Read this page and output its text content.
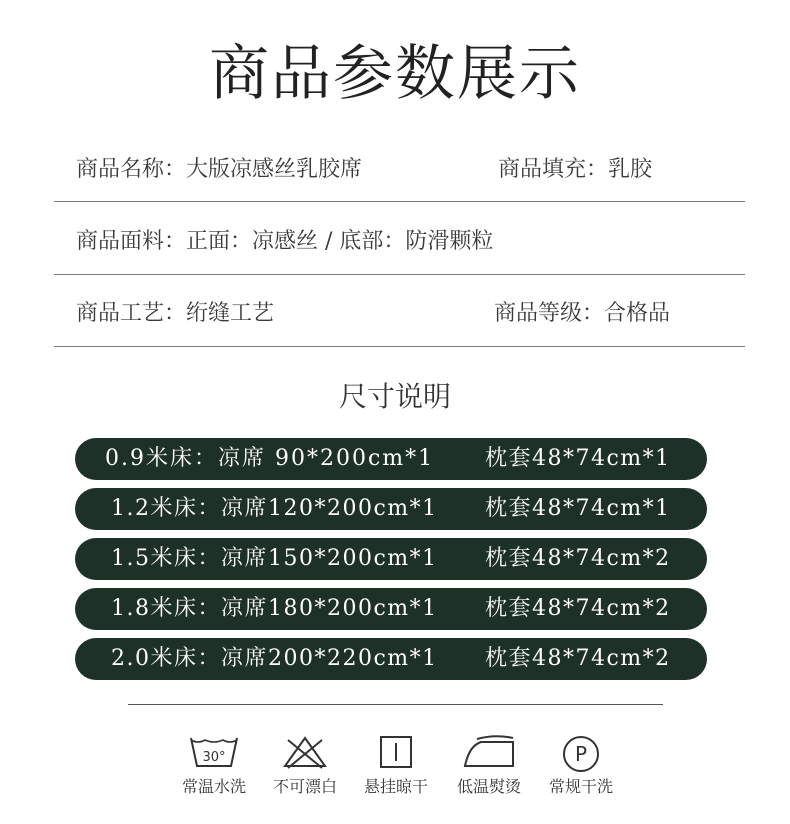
商品参数展示
商品名称：大版凉感丝乳胶席	商品填充：乳胶
商品面料：正面：凉感丝 / 底部：防滑颗粒
商品工艺：绗缝工艺	商品等级：合格品
尺寸说明
0.9米床：凉席 90*200cm*1 枕套48*74cm*1
1.2米床：凉席120*200cm*1 枕套48*74cm*1
1.5米床：凉席150*200cm*1 枕套48*74cm*2
1.8米床：凉席180*200cm*1 枕套48*74cm*2
2.0米床：凉席200*220cm*1 枕套48*74cm*2
30°
常温水洗	不可漂白	悬挂晾干	低温熨烫
P
常规干洗
